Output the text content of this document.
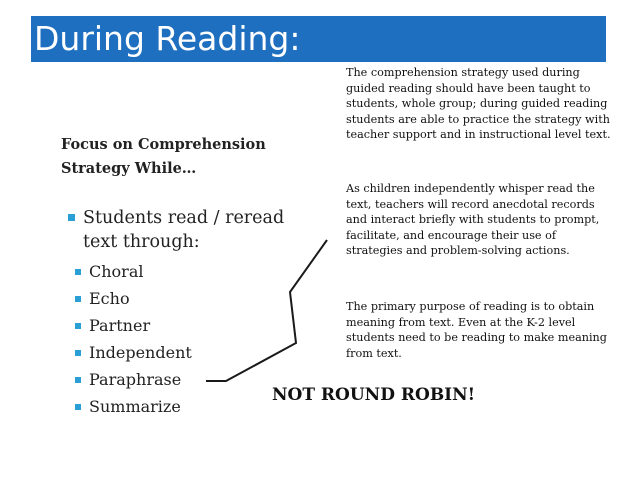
During Reading:

Focus on Comprehension Strategy While…

Students read / reread text through:
Choral
Echo
Partner
Independent
Paraphrase
Summarize

The comprehension strategy used during guided reading should have been taught to students, whole group; during guided reading students are able to practice the strategy with teacher support and in instructional level text.

As children independently whisper read the text, teachers will record anecdotal records and interact briefly with students to prompt, facilitate, and encourage their use of strategies and problem-solving actions.

The primary purpose of reading is to obtain meaning from text. Even at the K-2 level students need to be reading to make meaning from text.

NOT ROUND ROBIN!
